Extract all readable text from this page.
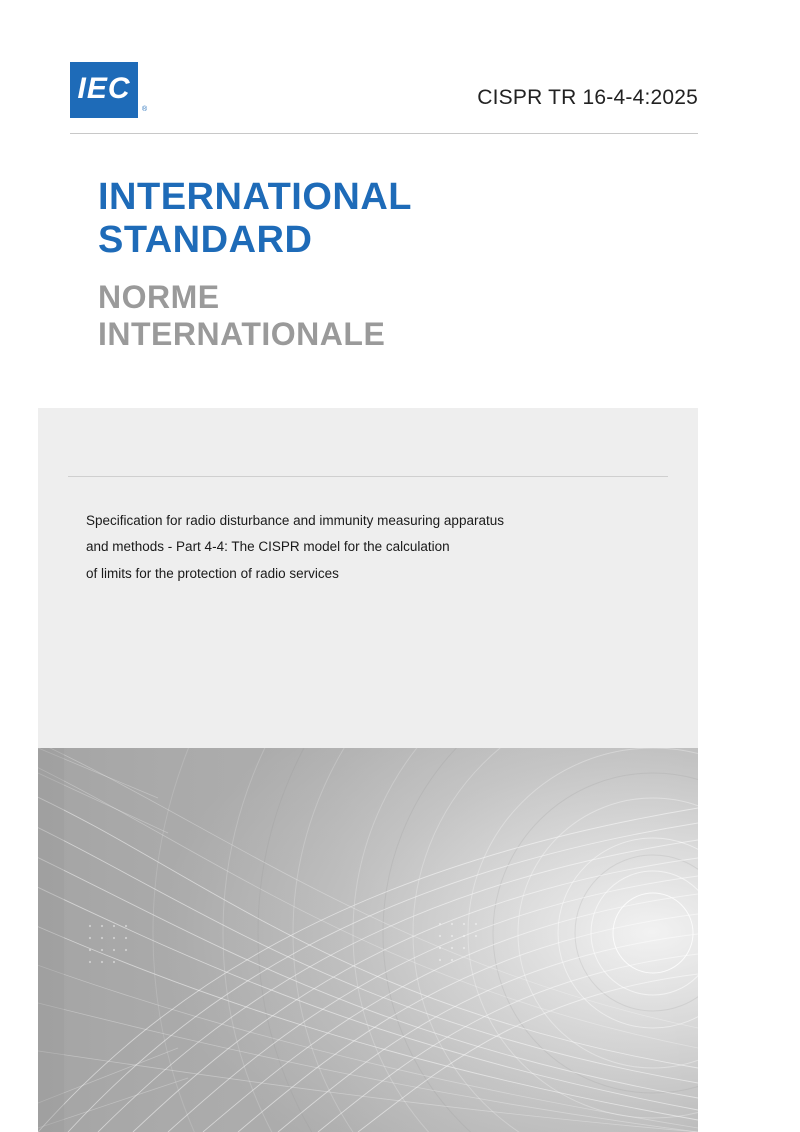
IEC
®
CISPR TR 16-4-4:2025
INTERNATIONAL
STANDARD
NORME
INTERNATIONALE
Specification for radio disturbance and immunity measuring apparatus
and methods - Part 4-4: The CISPR model for the calculation
of limits for the protection of radio services
